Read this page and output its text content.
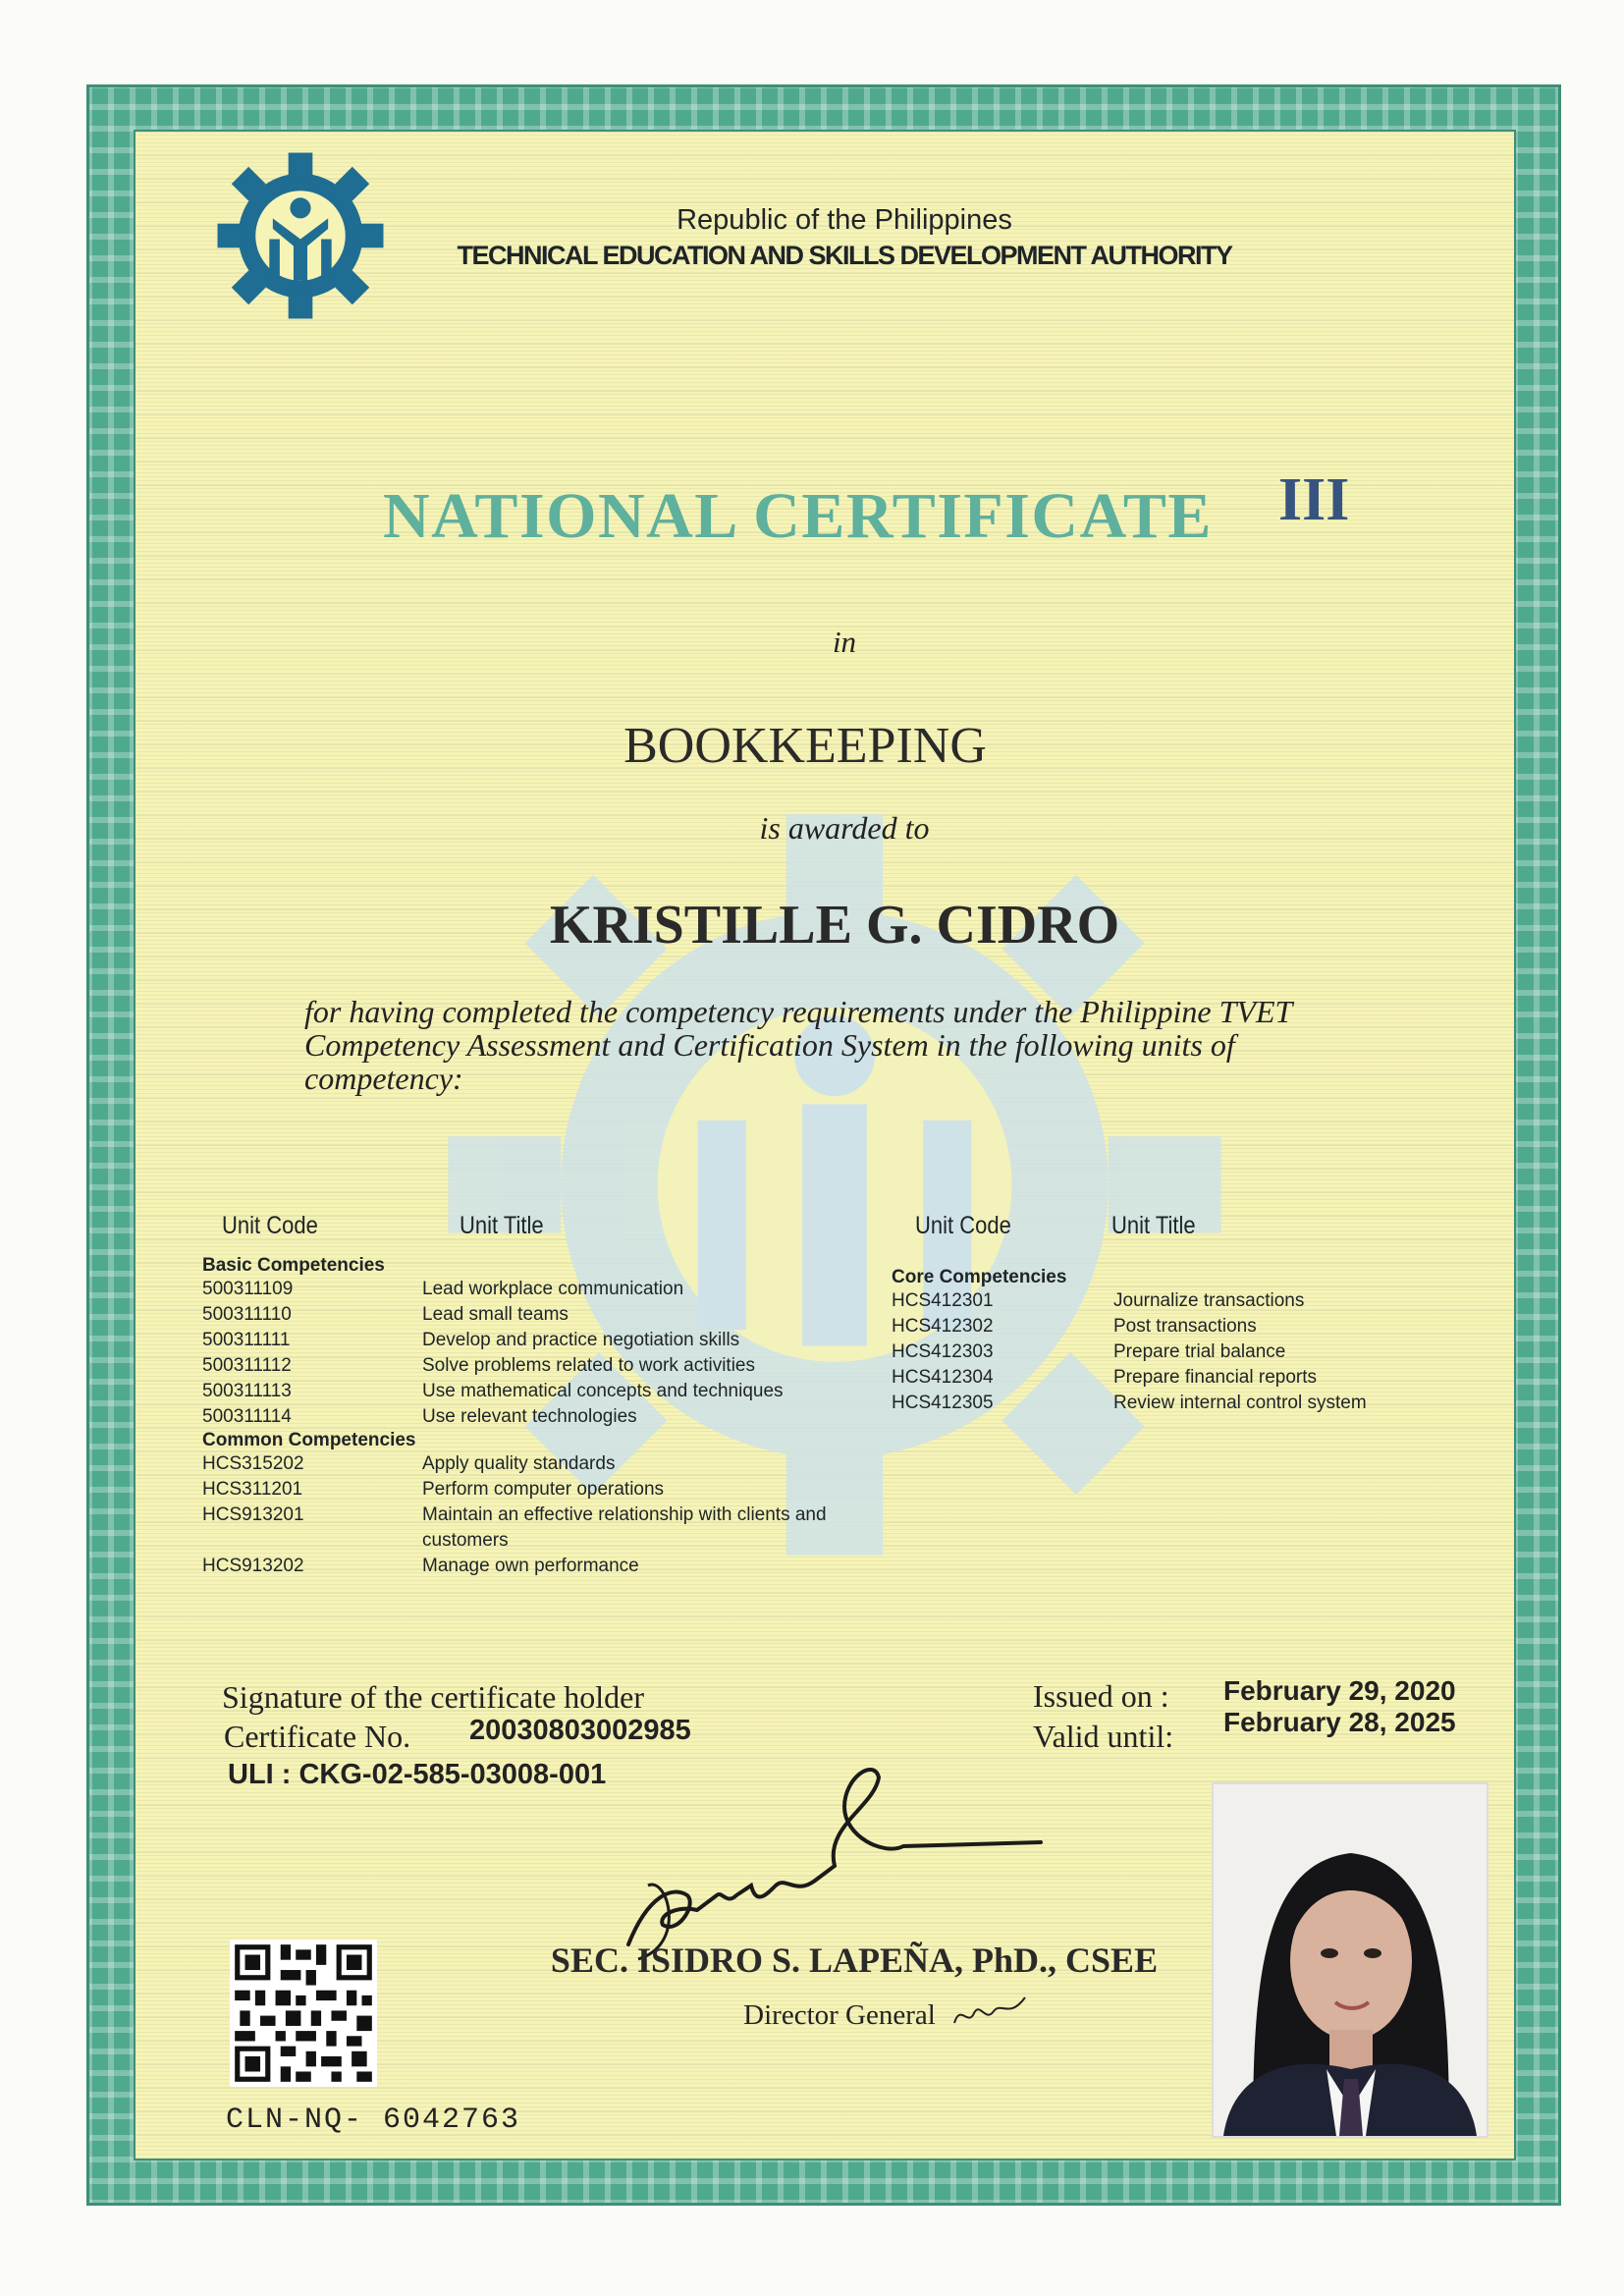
Republic of the Philippines
TECHNICAL EDUCATION AND SKILLS DEVELOPMENT AUTHORITY
NATIONAL CERTIFICATE III
in
BOOKKEEPING
is awarded to
KRISTILLE G. CIDRO
for having completed the competency requirements under the Philippine TVET Competency Assessment and Certification System in the following units of competency:
Unit Code	Unit Title	Unit Code	Unit Title
Basic Competencies
500311109	Lead workplace communication
500311110	Lead small teams
500311111	Develop and practice negotiation skills
500311112	Solve problems related to work activities
500311113	Use mathematical concepts and techniques
500311114	Use relevant technologies
Common Competencies
HCS315202	Apply quality standards
HCS311201	Perform computer operations
HCS913201	Maintain an effective relationship with clients and customers
HCS913202	Manage own performance
Core Competencies
HCS412301	Journalize transactions
HCS412302	Post transactions
HCS412303	Prepare trial balance
HCS412304	Prepare financial reports
HCS412305	Review internal control system
Signature of the certificate holder
Certificate No. 20030803002985
ULI : CKG-02-585-03008-001
Issued on : February 29, 2020
Valid until: February 28, 2025
SEC. ISIDRO S. LAPEÑA, PhD., CSEE
Director General
CLN-NQ- 6042763
